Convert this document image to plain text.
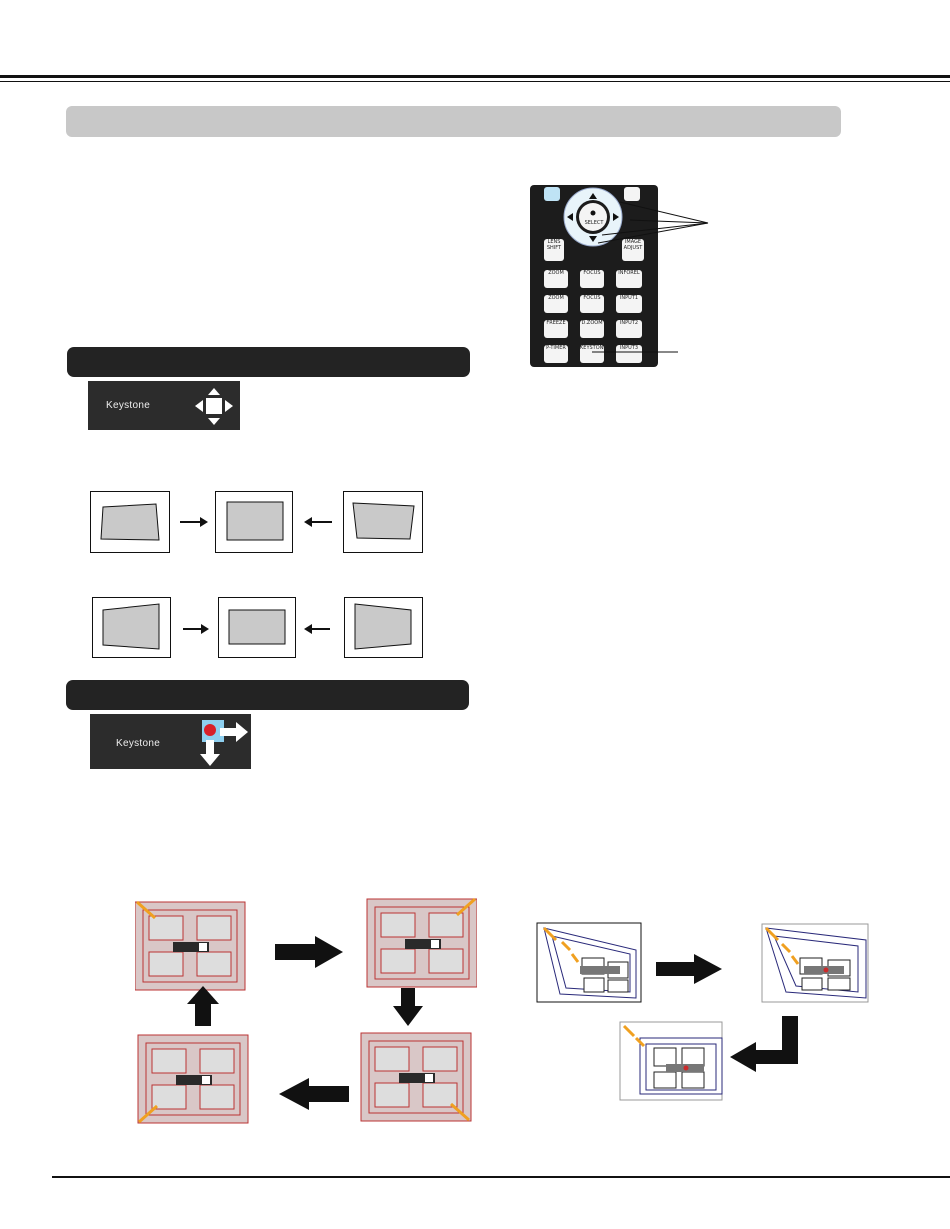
SELECT
LENS SHIFT
IMAGE ADJUST
ZOOM	FOCUS	INFOREL
ZOOM	FOCUS	INPUT1
FREEZE	D.ZOOM	INPUT2
P-TIMER	KEYSTONE	INPUT3
Keystone
Keystone
